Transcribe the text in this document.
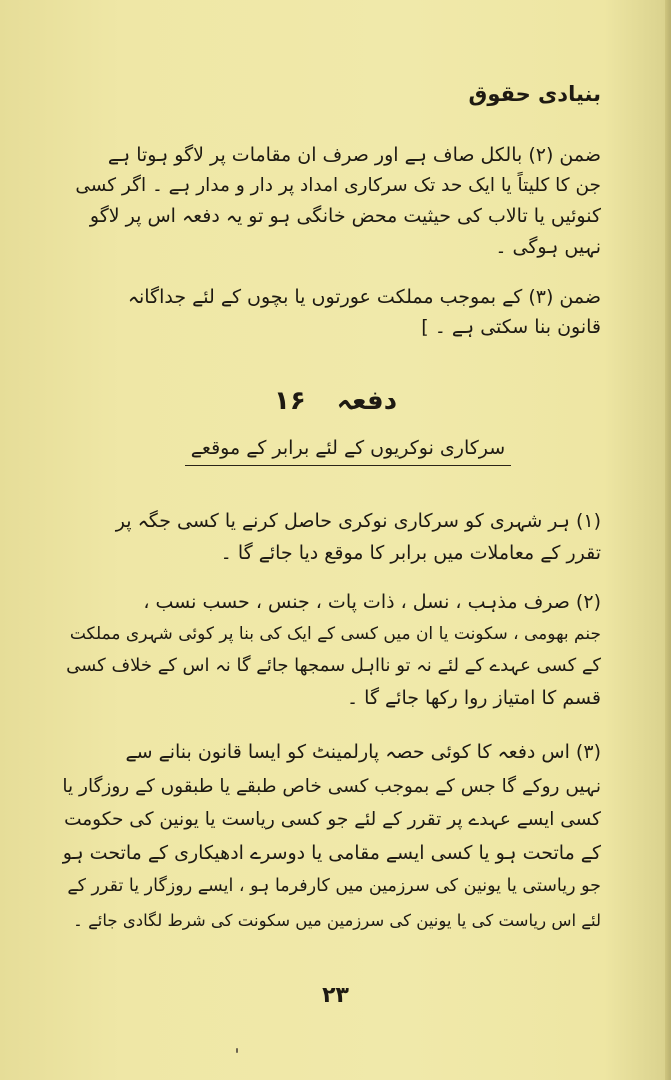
بنیادی حقوق
ضمن (۲) بالکل صاف ہے اور صرف ان مقامات پر لاگو ہوتا ہے
جن کا کلیتاً یا ایک حد تک سرکاری امداد پر دار و مدار ہے ۔ اگر کسی
کنوئیں یا تالاب کی حیثیت محض خانگی ہو تو یہ دفعہ اس پر لاگو
نہیں ہوگی ۔
ضمن (۳) کے بموجب مملکت عورتوں یا بچوں کے لئے جداگانہ
قانون بنا سکتی ہے ۔ ]
دفعہ ۱۶
سرکاری نوکریوں کے لئے برابر کے موقعے
(۱) ہر شہری کو سرکاری نوکری حاصل کرنے یا کسی جگہ پر
تقرر کے معاملات میں برابر کا موقع دیا جائے گا ۔
(۲) صرف مذہب ، نسل ، ذات پات ، جنس ، حسب نسب ،
جنم بھومی ، سکونت یا ان میں کسی کے ایک کی بنا پر کوئی شہری مملکت
کے کسی عہدے کے لئے نہ تو نااہل سمجھا جائے گا نہ اس کے خلاف کسی
قسم کا امتیاز روا رکھا جائے گا ۔
(۳) اس دفعہ کا کوئی حصہ پارلمینٹ کو ایسا قانون بنانے سے
نہیں روکے گا جس کے بموجب کسی خاص طبقے یا طبقوں کے روزگار یا
کسی ایسے عہدے پر تقرر کے لئے جو کسی ریاست یا یونین کی حکومت
کے ماتحت ہو یا کسی ایسے مقامی یا دوسرے ادھیکاری کے ماتحت ہو
جو ریاستی یا یونین کی سرزمین میں کارفرما ہو ، ایسے روزگار یا تقرر کے
لئے اس ریاست کی یا یونین کی سرزمین میں سکونت کی شرط لگادی جائے ۔
۲۳
